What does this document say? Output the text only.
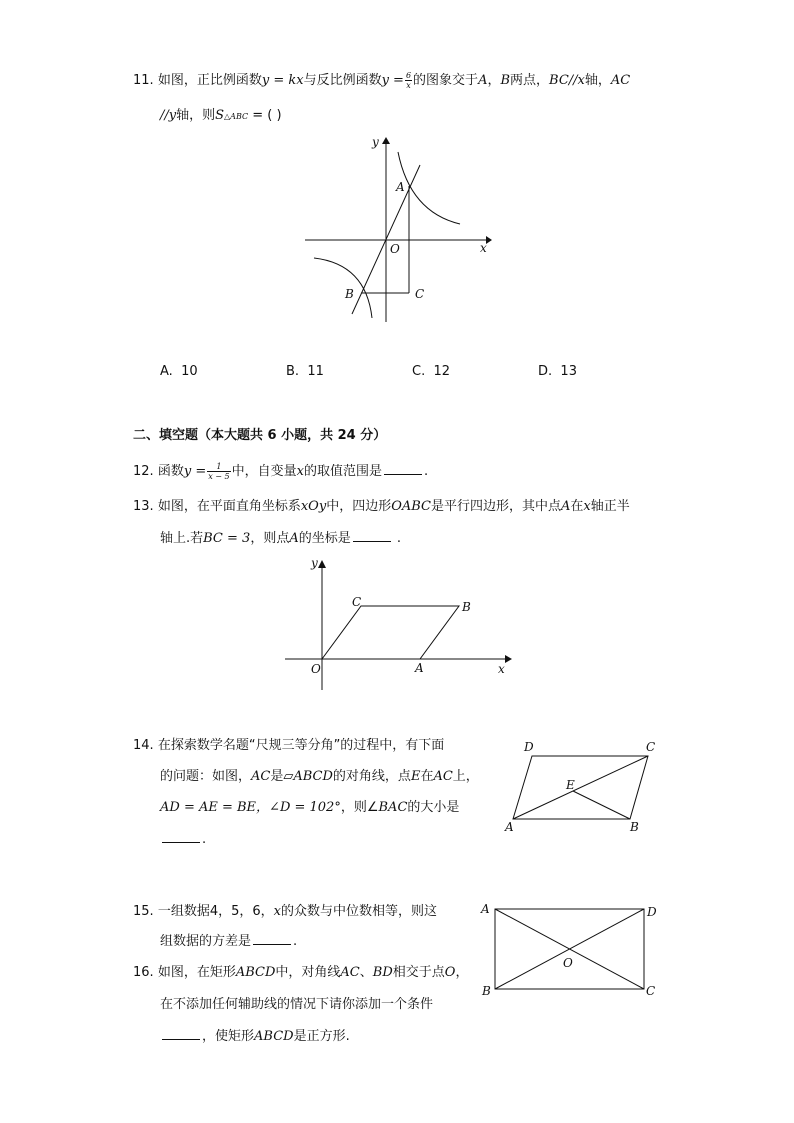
11. 如图，正比例函数y = kx与反比例函数$y = \frac{6}{x}$ 的图象交于A，B两点，BC//x轴，AC
//y轴，则S△ABC = ( )
y
A
O	x
B	C
A. 10	B. 11	C. 12	D. 13
二、填空题（本大题共 6 小题，共 24 分）
12. 函数$y = \frac{1}{x - 5}$ 中，自变量x的取值范围是	.
13. 如图，在平面直角坐标系xOy中，四边形OABC是平行四边形，其中点A在x轴正半
轴上.若BC = 3，则点A的坐标是	.
y
C	B
O	A	x
14. 在探索数学名题“尺规三等分角”的过程中，有下面
的问题：如图，AC是▱ABCD的对角线，点E在AC上，
AD = AE = BE，∠D = 102°，则∠BAC的大小是
.
D	C
E
A	B
15. 一组数据4，5，6，x的众数与中位数相等，则这
组数据的方差是	.
16. 如图，在矩形ABCD中，对角线AC、BD相交于点O，
在不添加任何辅助线的情况下请你添加一个条件
，使矩形ABCD是正方形.
A	D
O
B	C
